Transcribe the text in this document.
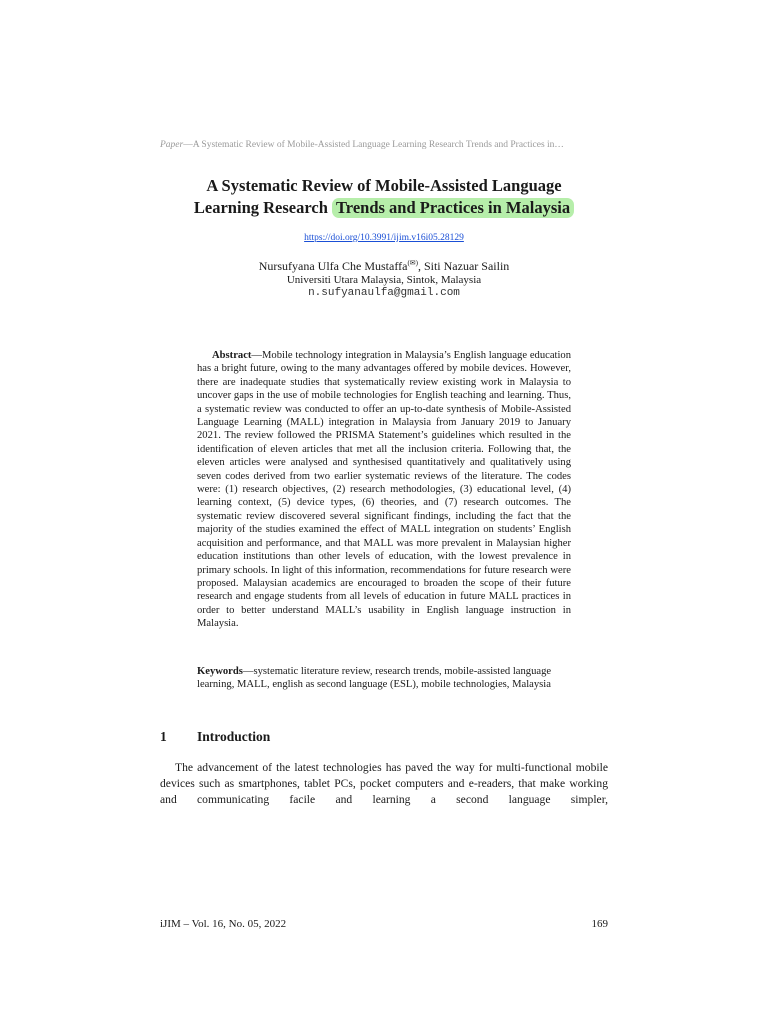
Paper—A Systematic Review of Mobile-Assisted Language Learning Research Trends and Practices in…
A Systematic Review of Mobile-Assisted Language
Learning Research Trends and Practices in Malaysia
https://doi.org/10.3991/ijim.v16i05.28129
Nursufyana Ulfa Che Mustaffa(✉), Siti Nazuar Sailin
Universiti Utara Malaysia, Sintok, Malaysia
n.sufyanaulfa@gmail.com

Abstract—Mobile technology integration in Malaysia’s English language education has a bright future, owing to the many advantages offered by mobile devices. However, there are inadequate studies that systematically review existing work in Malaysia to uncover gaps in the use of mobile technologies for English teaching and learning. Thus, a systematic review was conducted to offer an up-to-date synthesis of Mobile-Assisted Language Learning (MALL) integration in Malaysia from January 2019 to January 2021. The review followed the PRISMA Statement’s guidelines which resulted in the identification of eleven articles that met all the inclusion criteria. Following that, the eleven articles were analysed and synthesised quantitatively and qualitatively using seven codes derived from two earlier systematic reviews of the literature. The codes were: (1) research objectives, (2) research methodologies, (3) educational level, (4) learning context, (5) device types, (6) theories, and (7) research outcomes. The systematic review discovered several significant findings, including the fact that the majority of the studies examined the effect of MALL integration on students’ English acquisition and performance, and that MALL was more prevalent in Malaysian higher education institutions than other levels of education, with the lowest prevalence in primary schools. In light of this information, recommendations for future research were proposed. Malaysian academics are encouraged to broaden the scope of their future research and engage students from all levels of education in future MALL practices in order to better understand MALL’s usability in English language instruction in Malaysia.

Keywords—systematic literature review, research trends, mobile-assisted language learning, MALL, english as second language (ESL), mobile technologies, Malaysia

1 Introduction

The advancement of the latest technologies has paved the way for multi-functional mobile devices such as smartphones, tablet PCs, pocket computers and e-readers, that make working and communicating facile and learning a second language simpler,

iJIM – Vol. 16, No. 05, 2022	169
